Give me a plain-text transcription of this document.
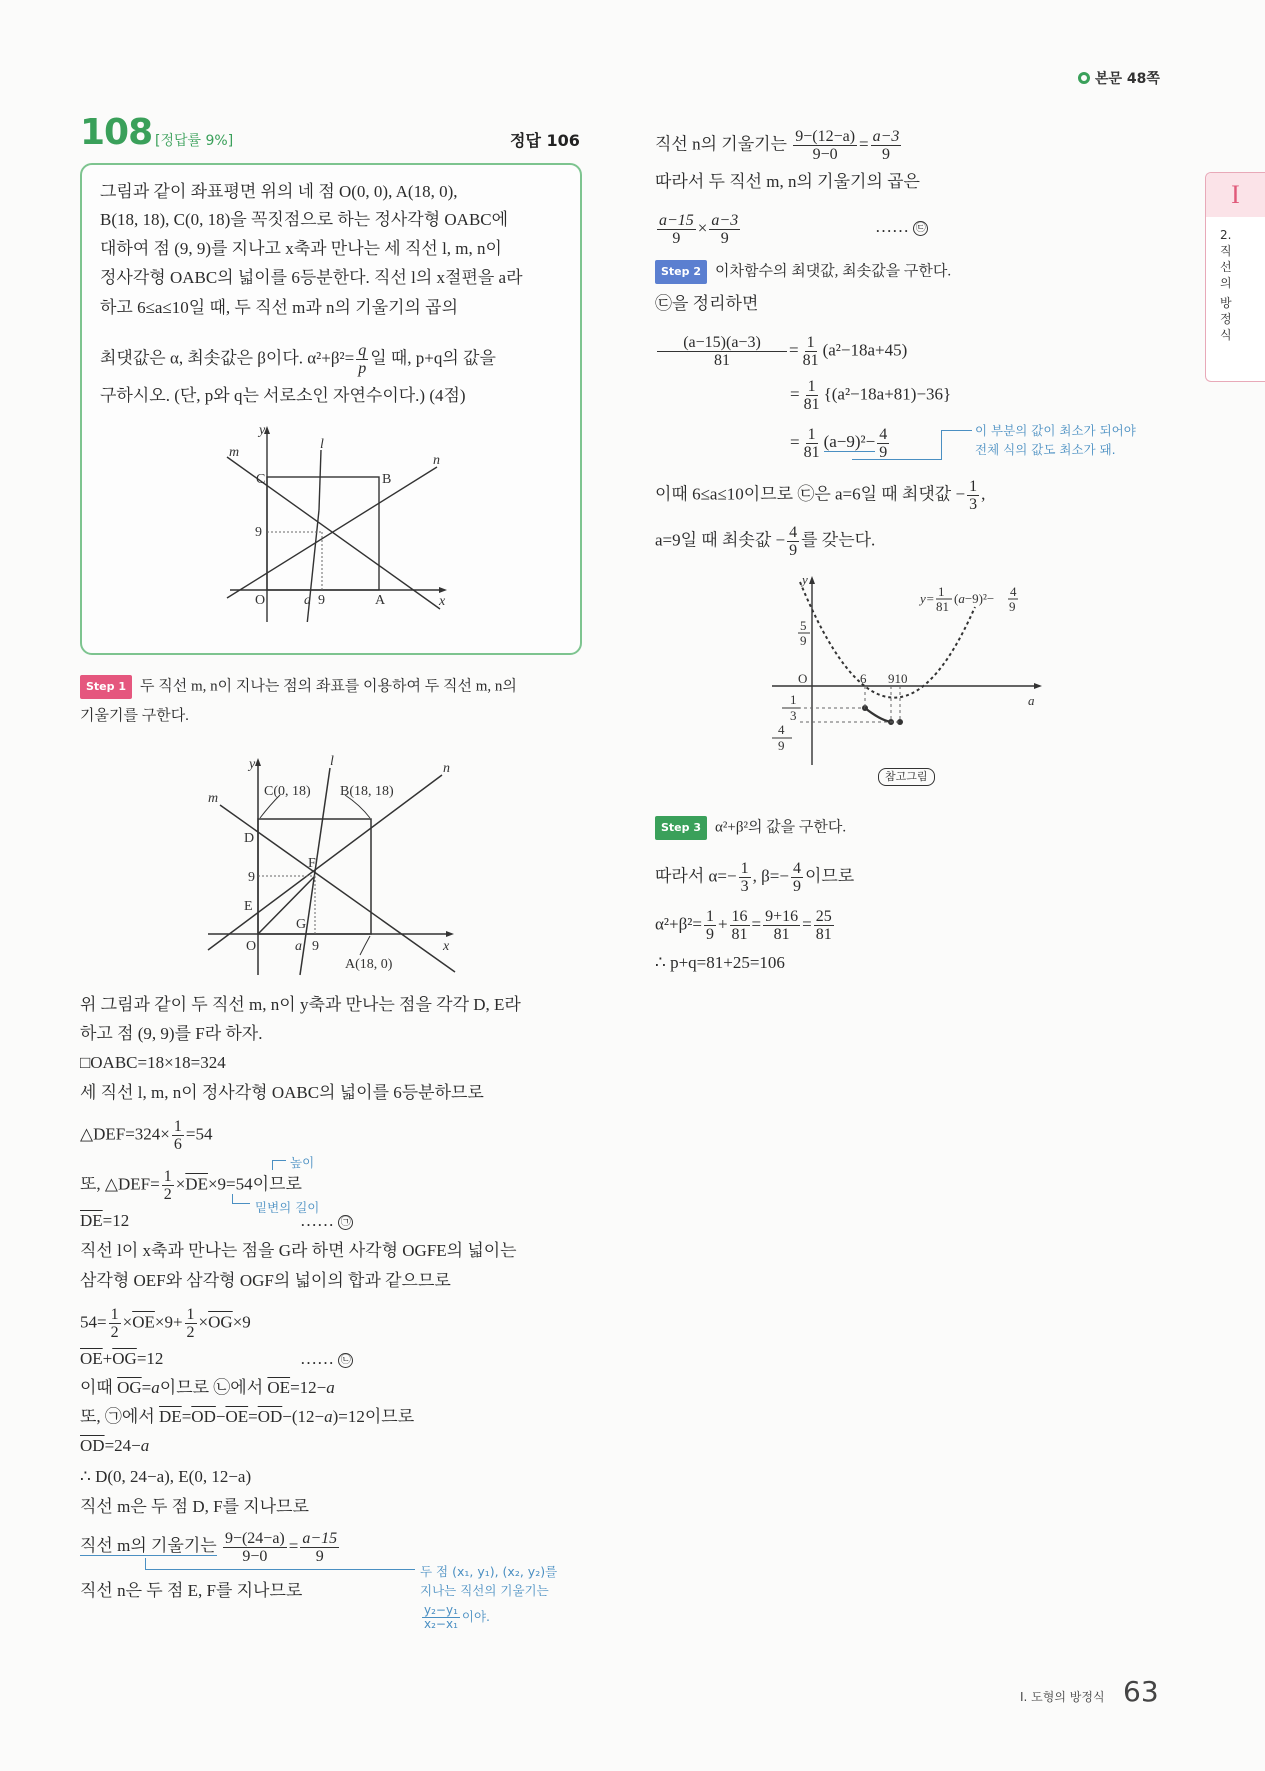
본문 48쪽
I
2.
직
선
의
방
정
식
108 [정답률 9%]	정답 106
그림과 같이 좌표평면 위의 네 점 O(0, 0), A(18, 0),
B(18, 18), C(0, 18)을 꼭짓점으로 하는 정사각형 OABC에
대하여 점 (9, 9)를 지나고 x축과 만나는 세 직선 l, m, n이
정사각형 OABC의 넓이를 6등분한다. 직선 l의 x절편을 a라
하고 6≤a≤10일 때, 두 직선 m과 n의 기울기의 곱의
최댓값은 α, 최솟값은 β이다. $\alpha^2+\beta^2= \frac{q}{p}$ 일 때, p+q의 값을
구하시오. (단, p와 q는 서로소인 자연수이다.) (4점)
y
x
O	A
B
C
l
m
n
9
9
a
Step 1 두 직선 m, n이 지나는 점의 좌표를 이용하여 두 직선 m, n의
기울기를 구한다.
y
x
O
C(0, 18) B(18, 18)
A(18, 0)
D
E
F
G
9
9
a
l
m
n
위 그림과 같이 두 직선 m, n이 y축과 만나는 점을 각각 D, E라
하고 점 (9, 9)를 F라 하자.
□OABC=18×18=324
세 직선 l, m, n이 정사각형 OABC의 넓이를 6등분하므로
△DEF=324× $\frac{1}{6} =54$
높이
또, △DEF= $\frac{1}{2} \times\overline{DE}\times 9=54$이므로
밑변의 길이
$\overline{DE}=12$	…… ㉠
직선 l이 x축과 만나는 점을 G라 하면 사각형 OGFE의 넓이는
삼각형 OEF와 삼각형 OGF의 넓이의 합과 같으므로
$54= \frac{1}{2} \times\overline{OE}\times 9+ \frac{1}{2} \times\overline{OG}\times 9$
$\overline{OE}+\overline{OG}=12$	…… ㉡
이때 $\overline{OG}=a$이므로 ㉡에서 $\overline{OE}=12-a$
또, ㉠에서 $\overline{DE}=\overline{OD}-\overline{OE}=\overline{OD}-(12-a)=12$이므로
$\overline{OD}=24-a$
∴ D(0, 24−a), E(0, 12−a)
직선 m은 두 점 D, F를 지나므로
직선 m의 기울기는 $\frac{9-(24-a)}{9-0} = \frac{a-15}{9}$
직선 n은 두 점 E, F를 지나므로
두 점 (x₁, y₁), (x₂, y₂)를
지나는 직선의 기울기는
$\frac{\text{y₂−y₁}}{\text{x₂−x₁}}$ 이야.
직선 n의 기울기는 $\frac{9-(12-a)}{9-0} = \frac{a-3}{9}$
따라서 두 직선 m, n의 기울기의 곱은
$\frac{a-15}{9} \times \frac{a-3}{9}$	…… ㉢
Step 2 이차함수의 최댓값, 최솟값을 구한다.
㉢을 정리하면
$\frac{(a-15)(a-3)}{81} = \frac{1}{81} (a^2-18a+45)$
= $\frac{1}{81} \{(a^2-18a+81)-36\}$
= $\frac{1}{81} (a-9)^2- \frac{4}{9}$	이 부분의 값이 최소가 되어야
전체 식의 값도 최소가 돼.
이때 6≤a≤10이므로 ㉢은 a=6일 때 최댓값 − $\frac{1}{3}$ ,
a=9일 때 최솟값 − $\frac{4}{9}$ 를 갖는다.
y
a
O	6 910
5
9
1
3
4
9
y= 1
81
(a−9)²− 4
9
참고그림
Step 3 α²+β²의 값을 구한다.
따라서 $\alpha=- \frac{1}{3}$ , $\beta=- \frac{4}{9}$ 이므로
$\alpha^2+\beta^2= \frac{1}{9} + \frac{16}{81} = \frac{9+16}{81} = \frac{25}{81}$
∴ p+q=81+25=106
Ⅰ. 도형의 방정식 63
